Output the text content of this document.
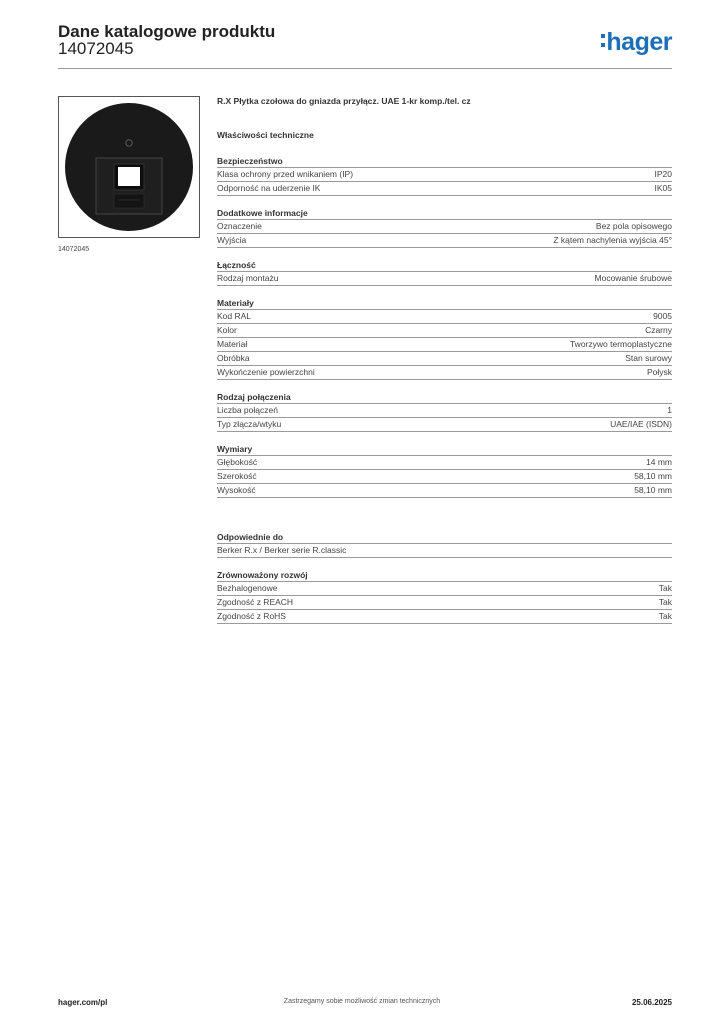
Dane katalogowe produktu
14072045	hager
14072045
R.X Płytka czołowa do gniazda przyłącz. UAE 1-kr komp./tel. cz
Właściwości techniczne
Bezpieczeństwo
Klasa ochrony przed wnikaniem (IP)	IP20
Odporność na uderzenie IK	IK05
Dodatkowe informacje
Oznaczenie	Bez pola opisowego
Wyjścia	Z kątem nachylenia wyjścia 45°
Łączność
Rodzaj montażu	Mocowanie śrubowe
Materiały
Kod RAL	9005
Kolor	Czarny
Materiał	Tworzywo termoplastyczne
Obróbka	Stan surowy
Wykończenie powierzchni	Połysk
Rodzaj połączenia
Liczba połączeń	1
Typ złącza/wtyku	UAE/IAE (ISDN)
Wymiary
Głębokość	14 mm
Szerokość	58,10 mm
Wysokość	58,10 mm
Odpowiednie do
Berker R.x / Berker serie R.classic
Zrównoważony rozwój
Bezhalogenowe	Tak
Zgodność z REACH	Tak
Zgodność z RoHS	Tak
hager.com/pl	Zastrzegamy sobie możliwość zmian technicznych	25.06.2025
